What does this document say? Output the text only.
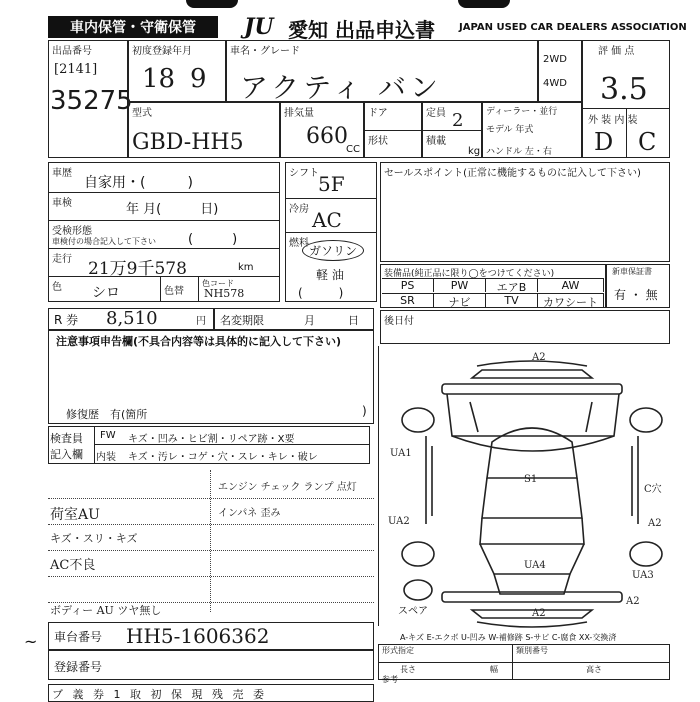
車内保管・守衛保管	JU 愛知 出品申込書 JAPAN USED CAR DEALERS ASSOCIATION
出品番号
[2141]
35275
初度登録年月
18 9
車名・グレード
アクティ バン
2WD
4WD
評 価 点
3.5
外 装 内 装
D C
型式
GBD-HH5
排気量
660
CC
ドア
形状
定員 2
積載
kg
ディーラー・並行
モデル 年式
ハンドル 左・右
車歴
自家用・(　　　)
車検	年 月(　　　日)
受検形態
車検付の場合記入して下さい (　　　)
走行 21万9千578	km
色 シロ	色替
色コード
NH578
シフト 5F
冷房 AC
燃料
ガソリン
軽 油
(　　　)
セールスポイント(正常に機能するものに記入して下さい)
装備品(純正品に限り◯をつけてください)
PS	PW	エアB	AW
SR	ナビ	TV	カワシート
新車保証書
有 ・ 無
R 券 8,510	円 名変期限	月　　　日	後日付
注意事項申告欄(不具合内容等は具体的に記入して下さい)
修復歴　有(箇所	)
検査員
記入欄
FW キズ・凹み・ヒビ割・リペア跡・X要
内装 キズ・汚レ・コゲ・穴・スレ・キレ・破レ
荷室AU
エンジン チェック ランプ 点灯
インパネ 歪み
キズ・スリ・キズ
AC不良
ボディー AU ツヤ無し
A2
A2
UA1
S1
C穴
UA2	A2
UA4
UA3
A2
スペア
A-キズ E-エクボ U-凹み W-補修跡 S-サビ C-腐食 XX-交換済
車台番号 HH5-1606362
登録番号
~	形式指定	類別番号
長さ	幅	高さ
参考
ブ 義 券 1 取 初 保 現 残 売 委
